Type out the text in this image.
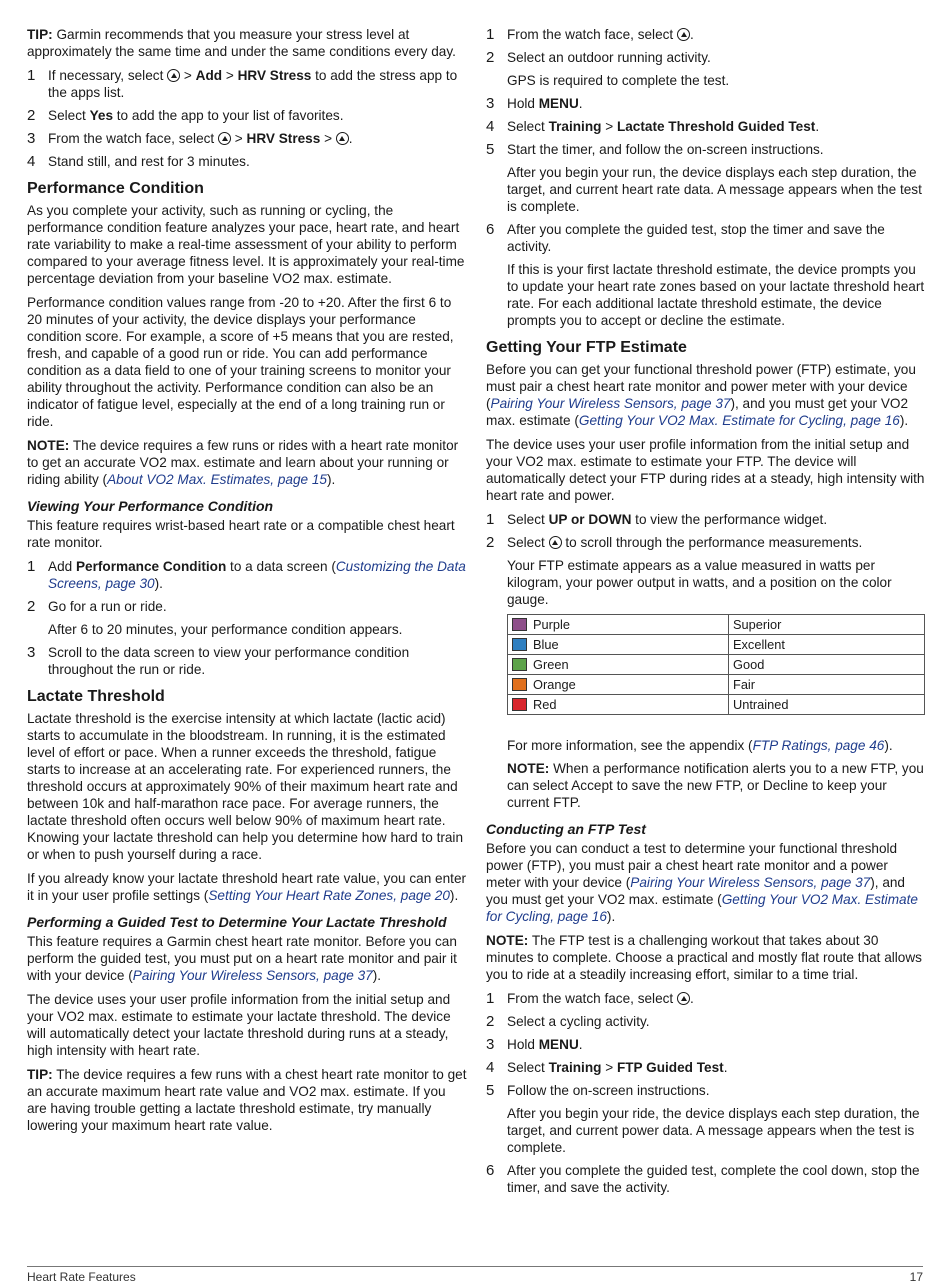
TIP: Garmin recommends that you measure your stress level at approximately the same time and under the same conditions every day.

1 If necessary, select  > Add > HRV Stress to add the stress app to the apps list.
2 Select Yes to add the app to your list of favorites.
3 From the watch face, select  > HRV Stress > .
4 Stand still, and rest for 3 minutes.
Performance Condition

As you complete your activity, such as running or cycling, the performance condition feature analyzes your pace, heart rate, and heart rate variability to make a real-time assessment of your ability to perform compared to your average fitness level. It is approximately your real-time percentage deviation from your baseline VO2 max. estimate.

Performance condition values range from -20 to +20. After the first 6 to 20 minutes of your activity, the device displays your performance condition score. For example, a score of +5 means that you are rested, fresh, and capable of a good run or ride. You can add performance condition as a data field to one of your training screens to monitor your ability throughout the activity. Performance condition can also be an indicator of fatigue level, especially at the end of a long training run or ride.

NOTE: The device requires a few runs or rides with a heart rate monitor to get an accurate VO2 max. estimate and learn about your running or riding ability (About VO2 Max. Estimates, page 15).

Viewing Your Performance Condition

This feature requires wrist-based heart rate or a compatible chest heart rate monitor.

1 Add Performance Condition to a data screen (Customizing the Data Screens, page 30).
2 Go for a run or ride.
After 6 to 20 minutes, your performance condition appears.
3 Scroll to the data screen to view your performance condition throughout the run or ride.
Lactate Threshold

Lactate threshold is the exercise intensity at which lactate (lactic acid) starts to accumulate in the bloodstream. In running, it is the estimated level of effort or pace. When a runner exceeds the threshold, fatigue starts to increase at an accelerating rate. For experienced runners, the threshold occurs at approximately 90% of their maximum heart rate and between 10k and half-marathon race pace. For average runners, the lactate threshold often occurs well below 90% of maximum heart rate. Knowing your lactate threshold can help you determine how hard to train or when to push yourself during a race.

If you already know your lactate threshold heart rate value, you can enter it in your user profile settings (Setting Your Heart Rate Zones, page 20).

Performing a Guided Test to Determine Your Lactate Threshold

This feature requires a Garmin chest heart rate monitor. Before you can perform the guided test, you must put on a heart rate monitor and pair it with your device (Pairing Your Wireless Sensors, page 37).

The device uses your user profile information from the initial setup and your VO2 max. estimate to estimate your lactate threshold. The device will automatically detect your lactate threshold during runs at a steady, high intensity with heart rate.

TIP: The device requires a few runs with a chest heart rate monitor to get an accurate maximum heart rate value and VO2 max. estimate. If you are having trouble getting a lactate threshold estimate, try manually lowering your maximum heart rate value.

1 From the watch face, select .
2 Select an outdoor running activity.
GPS is required to complete the test.
3 Hold MENU.
4 Select Training > Lactate Threshold Guided Test.
5 Start the timer, and follow the on-screen instructions.
After you begin your run, the device displays each step duration, the target, and current heart rate data. A message appears when the test is complete.
6 After you complete the guided test, stop the timer and save the activity.
If this is your first lactate threshold estimate, the device prompts you to update your heart rate zones based on your lactate threshold heart rate. For each additional lactate threshold estimate, the device prompts you to accept or decline the estimate.
Getting Your FTP Estimate

Before you can get your functional threshold power (FTP) estimate, you must pair a chest heart rate monitor and power meter with your device (Pairing Your Wireless Sensors, page 37), and you must get your VO2 max. estimate (Getting Your VO2 Max. Estimate for Cycling, page 16).

The device uses your user profile information from the initial setup and your VO2 max. estimate to estimate your FTP. The device will automatically detect your FTP during rides at a steady, high intensity with heart rate and power.

1 Select UP or DOWN to view the performance widget.
2 Select  to scroll through the performance measurements.
Your FTP estimate appears as a value measured in watts per kilogram, your power output in watts, and a position on the color gauge.
Purple	Superior
Blue	Excellent
Green	Good
Orange	Fair
Red	Untrained
For more information, see the appendix (FTP Ratings, page 46).
NOTE: When a performance notification alerts you to a new FTP, you can select Accept to save the new FTP, or Decline to keep your current FTP.
Conducting an FTP Test

Before you can conduct a test to determine your functional threshold power (FTP), you must pair a chest heart rate monitor and a power meter with your device (Pairing Your Wireless Sensors, page 37), and you must get your VO2 max. estimate (Getting Your VO2 Max. Estimate for Cycling, page 16).

NOTE: The FTP test is a challenging workout that takes about 30 minutes to complete. Choose a practical and mostly flat route that allows you to ride at a steadily increasing effort, similar to a time trial.

1 From the watch face, select .
2 Select a cycling activity.
3 Hold MENU.
4 Select Training > FTP Guided Test.
5 Follow the on-screen instructions.
After you begin your ride, the device displays each step duration, the target, and current power data. A message appears when the test is complete.
6 After you complete the guided test, complete the cool down, stop the timer, and save the activity.
Heart Rate Features	17
